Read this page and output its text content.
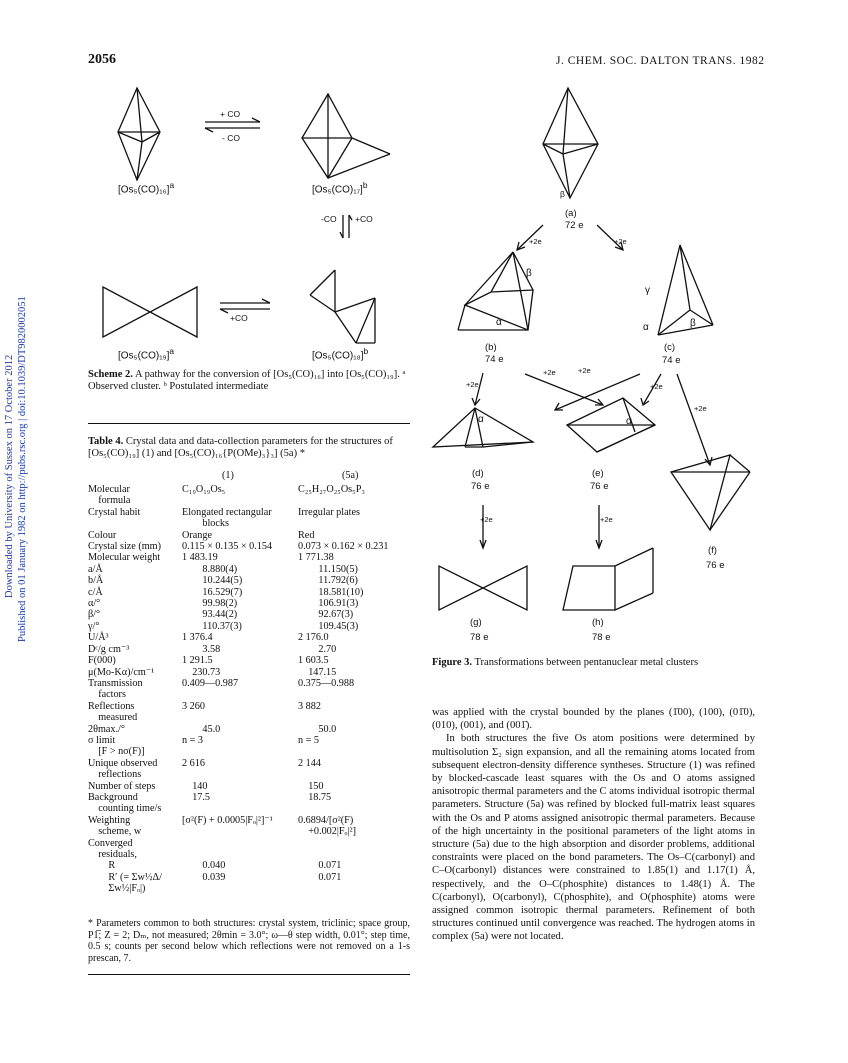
2056	J. CHEM. SOC. DALTON TRANS. 1982
Downloaded by University of Sussex on 17 October 2012 Published on 01 January 1982 on http://pubs.rsc.org | doi:10.1039/DT9820002051
+ CO
- CO
-CO +CO
+CO
$[Os_5(CO)_{16}]^a$	$[Os_5(CO)_{17}]^b$
$[Os_5(CO)_{19}]^a$	$[Os_5(CO)_{18}]^b$
Scheme 2. A pathway for the conversion of [Os₅(CO)₁₆] into [Os₅(CO)₁₉]. ᵃ Observed cluster. ᵇ Postulated intermediate
Table 4. Crystal data and data-collection parameters for the structures of [Os₅(CO)₁₉] (1) and [Os₅(CO)₁₆{P(OMe)₃}₃] (5a) *
(1)	(5a)
Molecular	C₁₉O₁₉Os₅	C₂₅H₂₇O₂₅Os₅P₃
 formula		
Crystal habit	Elongated rectangular	Irregular plates
	  blocks	
Colour	Orange	Red
Crystal size (mm)	0.115 × 0.135 × 0.154	0.073 × 0.162 × 0.231
Molecular weight	1 483.19	1 771.38
a/Å	  8.880(4)	  11.150(5)
b/Å	  10.244(5)	  11.792(6)
c/Å	  16.529(7)	  18.581(10)
α/°	  99.98(2)	  106.91(3)
β/°	  93.44(2)	  92.67(3)
γ/°	  110.37(3)	  109.45(3)
U/Å³	1 376.4	2 176.0
Dᶜ/g cm⁻³	  3.58	  2.70
F(000)	1 291.5	1 603.5
μ(Mo-Kα)/cm⁻¹	 230.73	 147.15
Transmission	0.409—0.987	0.375—0.988
 factors		
Reflections	3 260	3 882
 measured		
2θmax./°	  45.0	  50.0
σ limit	n = 3	n = 5
 [F > nσ(F)]		
Unique observed	2 616	2 144
 reflections		
Number of steps	 140	 150
Background	 17.5	 18.75
 counting time/s		
Weighting	[σ²(F) + 0.0005|Fₒ|²]⁻¹	0.6894/[σ²(F)
 scheme, w		 +0.002|Fₒ|²]
Converged		
 residuals,		
  R	  0.040	  0.071
  R′ (= Σw½Δ/	  0.039	  0.071
  Σw½|Fₒ|)		
* Parameters common to both structures: crystal system, triclinic; space group, P1̅; Z = 2; Dₘ, not measured; 2θmin = 3.0°; ω—θ step width, 0.01°; step time, 0.5 s; counts per second below which reflections were not removed on a 1-s prescan, 7.
β
(a)
72 e
+2e	+2e
β
α
γ
α	β
(b)
74 e
(c)
74 e
+2e
+2e	+2e
+2e
+2e
α	α
(d)
76 e
(e)
76 e
+2e	+2e
(f)
76 e
(g)
78 e
(h)
78 e
Figure 3. Transformations between pentanuclear metal clusters

was applied with the crystal bounded by the planes (1̄00), (100), (01̄0), (010), (001), and (001̄).

In both structures the five Os atom positions were determined by multisolution Σ₂ sign expansion, and all the remaining atoms located from subsequent electron-density difference syntheses. Structure (1) was refined by blocked-cascade least squares with the Os and O atoms assigned anisotropic thermal parameters and the C atoms individual isotropic thermal parameters. Structure (5a) was refined by blocked full-matrix least squares with the Os and P atoms assigned anisotropic thermal parameters. Because of the high uncertainty in the positional parameters of the light atoms in structure (5a) due to the high absorption and disorder problems, additional constraints were placed on the bond parameters. The Os–C(carbonyl) and C–O(carbonyl) distances were constrained to 1.85(1) and 1.17(1) Å, respectively, and the O–C(phosphite) distances to 1.48(1) Å. The C(carbonyl), O(carbonyl), C(phosphite), and O(phosphite) atoms were assigned common isotropic thermal parameters. Refinement of both structures continued until convergence was reached. The hydrogen atoms in complex (5a) were not located.
